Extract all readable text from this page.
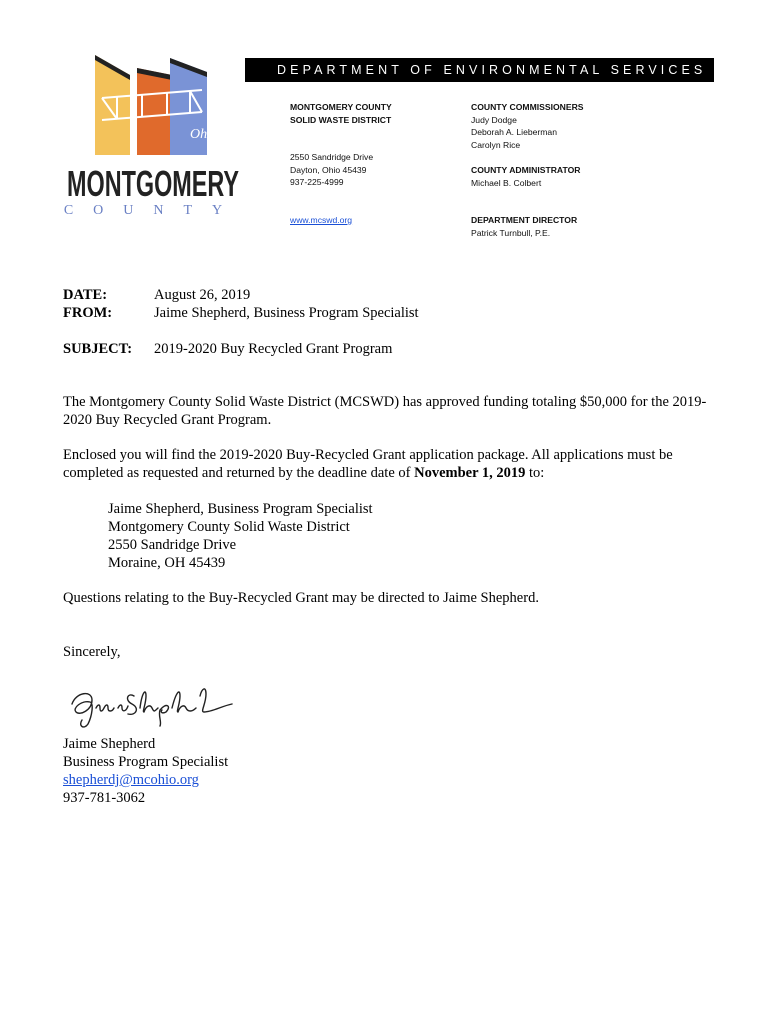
MONTGOMERY
COUNTY
Ohio
DEPARTMENT OF ENVIRONMENTAL SERVICES
MONTGOMERY COUNTY
SOLID WASTE DISTRICT
2550 Sandridge Drive
Dayton, Ohio 45439
937-225-4999
www.mcswd.org
COUNTY COMMISSIONERS
Judy Dodge
Deborah A. Lieberman
Carolyn Rice
COUNTY ADMINISTRATOR
Michael B. Colbert
DEPARTMENT DIRECTOR
Patrick Turnbull, P.E.
DATE:	August 26, 2019
FROM:	Jaime Shepherd, Business Program Specialist
SUBJECT: 2019-2020 Buy Recycled Grant Program

The Montgomery County Solid Waste District (MCSWD) has approved funding totaling $50,000 for the 2019-2020 Buy Recycled Grant Program.

Enclosed you will find the 2019-2020 Buy-Recycled Grant application package. All applications must be completed as requested and returned by the deadline date of November 1, 2019 to:

Jaime Shepherd, Business Program Specialist
Montgomery County Solid Waste District
2550 Sandridge Drive
Moraine, OH 45439

Questions relating to the Buy-Recycled Grant may be directed to Jaime Shepherd.

Sincerely,
Jaime Shepherd
Business Program Specialist
shepherdj@mcohio.org
937-781-3062
